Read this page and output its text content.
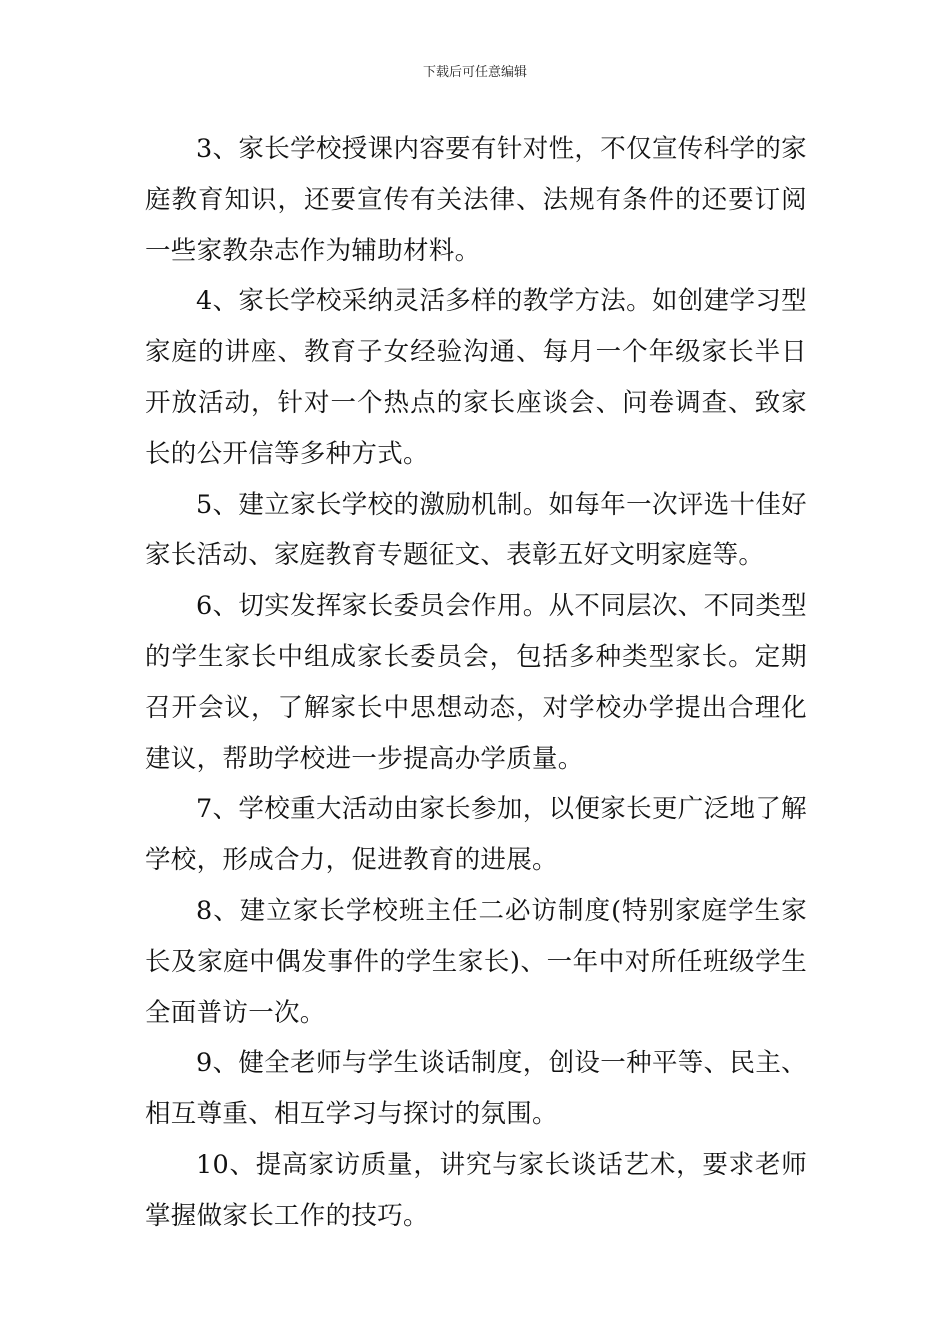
下载后可任意编辑

3、家长学校授课内容要有针对性，不仅宣传科学的家庭教育知识，还要宣传有关法律、法规有条件的还要订阅一些家教杂志作为辅助材料。

4、家长学校采纳灵活多样的教学方法。如创建学习型家庭的讲座、教育子女经验沟通、每月一个年级家长半日开放活动，针对一个热点的家长座谈会、问卷调查、致家长的公开信等多种方式。

5、建立家长学校的激励机制。如每年一次评选十佳好家长活动、家庭教育专题征文、表彰五好文明家庭等。

6、切实发挥家长委员会作用。从不同层次、不同类型的学生家长中组成家长委员会，包括多种类型家长。定期召开会议，了解家长中思想动态，对学校办学提出合理化建议，帮助学校进一步提高办学质量。

7、学校重大活动由家长参加，以便家长更广泛地了解学校，形成合力，促进教育的进展。

8、建立家长学校班主任二必访制度(特别家庭学生家长及家庭中偶发事件的学生家长)、一年中对所任班级学生全面普访一次。

9、健全老师与学生谈话制度，创设一种平等、民主、相互尊重、相互学习与探讨的氛围。

10、提高家访质量，讲究与家长谈话艺术，要求老师掌握做家长工作的技巧。
